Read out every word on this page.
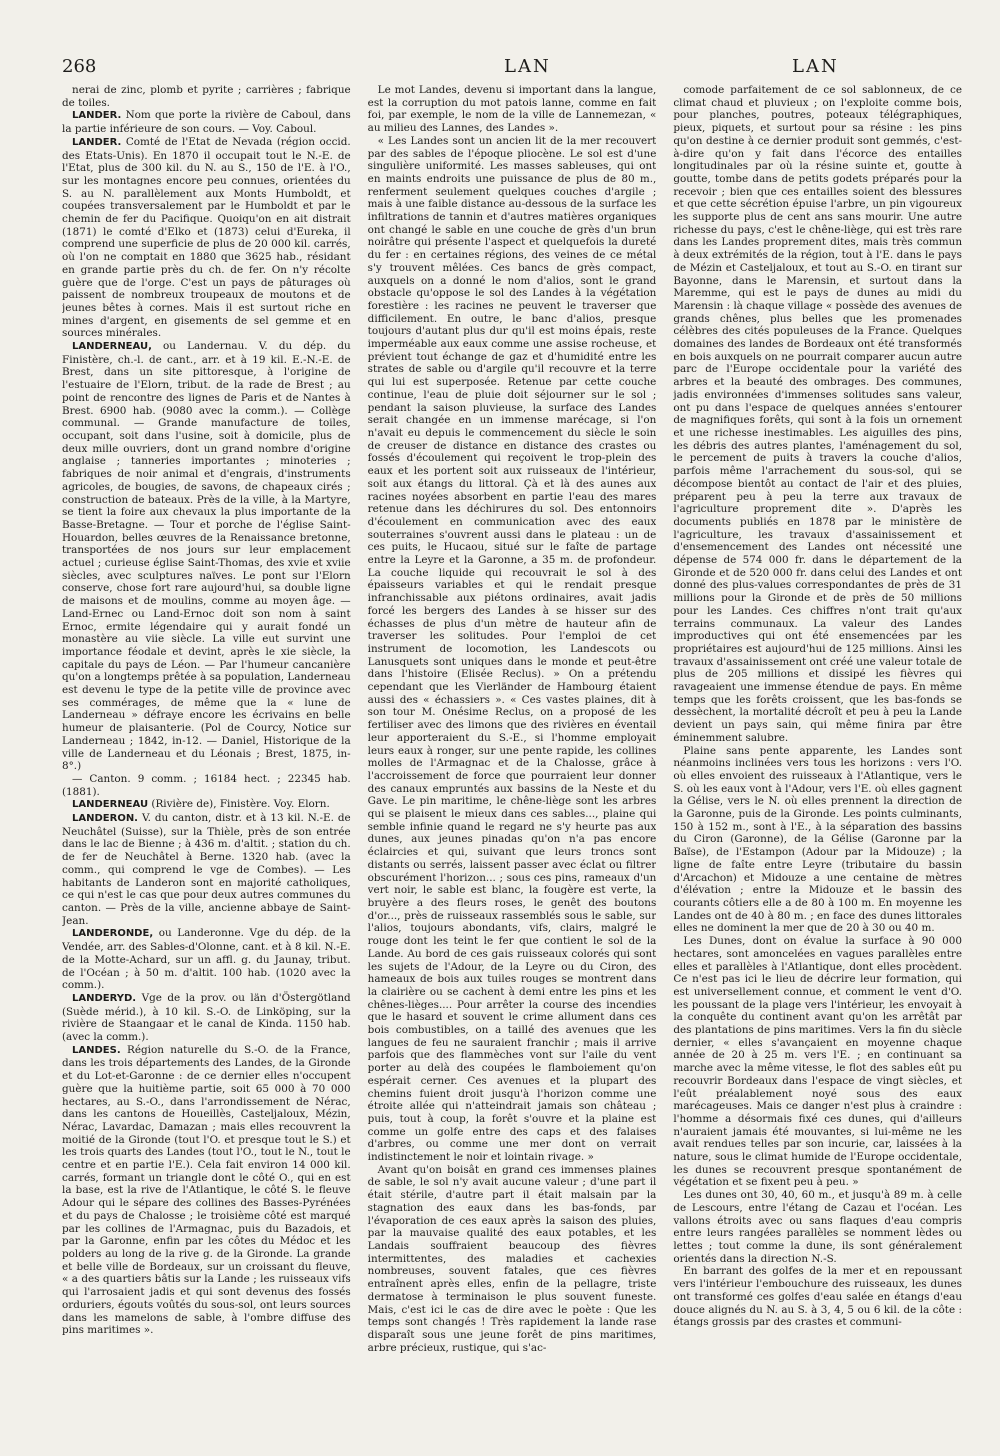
268	LAN	LAN

nerai de zinc, plomb et pyrite ; carrières ; fabrique de toiles.

LANDER. Nom que porte la rivière de Caboul, dans la partie inférieure de son cours. — Voy. Caboul.

LANDER. Comté de l'Etat de Nevada (région occid. des Etats-Unis). En 1870 il occupait tout le N.-E. de l'Etat, plus de 300 kil. du N. au S., 150 de l'E. à l'O., sur les montagnes encore peu connues, orientées du S. au N. parallèlement aux Monts Humboldt, et coupées transversalement par le Humboldt et par le chemin de fer du Pacifique. Quoiqu'on en ait distrait (1871) le comté d'Elko et (1873) celui d'Eureka, il comprend une superficie de plus de 20 000 kil. carrés, où l'on ne comptait en 1880 que 3625 hab., résidant en grande partie près du ch. de fer. On n'y récolte guère que de l'orge. C'est un pays de pâturages où paissent de nombreux troupeaux de moutons et de jeunes bêtes à cornes. Mais il est surtout riche en mines d'argent, en gisements de sel gemme et en sources minérales.

LANDERNEAU, ou Landernau. V. du dép. du Finistère, ch.-l. de cant., arr. et à 19 kil. E.-N.-E. de Brest, dans un site pittoresque, à l'origine de l'estuaire de l'Elorn, tribut. de la rade de Brest ; au point de rencontre des lignes de Paris et de Nantes à Brest. 6900 hab. (9080 avec la comm.). — Collège communal. — Grande manufacture de toiles, occupant, soit dans l'usine, soit à domicile, plus de deux mille ouvriers, dont un grand nombre d'origine anglaise ; tanneries importantes ; minoteries ; fabriques de noir animal et d'engrais, d'instruments agricoles, de bougies, de savons, de chapeaux cirés ; construction de bateaux. Près de la ville, à la Martyre, se tient la foire aux chevaux la plus importante de la Basse-Bretagne. — Tour et porche de l'église Saint-Houardon, belles œuvres de la Renaissance bretonne, transportées de nos jours sur leur emplacement actuel ; curieuse église Saint-Thomas, des xvie et xviie siècles, avec sculptures naïves. Le pont sur l'Elorn conserve, chose fort rare aujourd'hui, sa double ligne de maisons et de moulins, comme au moyen âge. — Land-Ernec ou Land-Ernoc doit son nom à saint Ernoc, ermite légendaire qui y aurait fondé un monastère au viie siècle. La ville eut survint une importance féodale et devint, après le xie siècle, la capitale du pays de Léon. — Par l'humeur cancanière qu'on a longtemps prêtée à sa population, Landerneau est devenu le type de la petite ville de province avec ses commérages, de même que la « lune de Landerneau » défraye encore les écrivains en belle humeur de plaisanterie. (Pol de Courcy, Notice sur Landerneau ; 1842, in-12. — Daniel, Historique de la ville de Landerneau et du Léonais ; Brest, 1875, in-8°.)

— Canton. 9 comm. ; 16184 hect. ; 22345 hab. (1881).

LANDERNEAU (Rivière de), Finistère. Voy. Elorn.

LANDERON. V. du canton, distr. et à 13 kil. N.-E. de Neuchâtel (Suisse), sur la Thièle, près de son entrée dans le lac de Bienne ; à 436 m. d'altit. ; station du ch. de fer de Neuchâtel à Berne. 1320 hab. (avec la comm., qui comprend le vge de Combes). — Les habitants de Landeron sont en majorité catholiques, ce qui n'est le cas que pour deux autres communes du canton. — Près de la ville, ancienne abbaye de Saint-Jean.

LANDERONDE, ou Landeronne. Vge du dép. de la Vendée, arr. des Sables-d'Olonne, cant. et à 8 kil. N.-E. de la Motte-Achard, sur un affl. g. du Jaunay, tribut. de l'Océan ; à 50 m. d'altit. 100 hab. (1020 avec la comm.).

LANDERYD. Vge de la prov. ou län d'Östergötland (Suède mérid.), à 10 kil. S.-O. de Linköping, sur la rivière de Staangaar et le canal de Kinda. 1150 hab. (avec la comm.).

LANDES. Région naturelle du S.-O. de la France, dans les trois départements des Landes, de la Gironde et du Lot-et-Garonne : de ce dernier elles n'occupent guère que la huitième partie, soit 65 000 à 70 000 hectares, au S.-O., dans l'arrondissement de Nérac, dans les cantons de Houeillès, Casteljaloux, Mézin, Nérac, Lavardac, Damazan ; mais elles recouvrent la moitié de la Gironde (tout l'O. et presque tout le S.) et les trois quarts des Landes (tout l'O., tout le N., tout le centre et en partie l'E.). Cela fait environ 14 000 kil. carrés, formant un triangle dont le côté O., qui en est la base, est la rive de l'Atlantique, le côté S. le fleuve Adour qui le sépare des collines des Basses-Pyrénées et du pays de Chalosse ; le troisième côté est marqué par les collines de l'Armagnac, puis du Bazadois, et par la Garonne, enfin par les côtes du Médoc et les polders au long de la rive g. de la Gironde. La grande et belle ville de Bordeaux, sur un croissant du fleuve, « a des quartiers bâtis sur la Lande ; les ruisseaux vifs qui l'arrosaient jadis et qui sont devenus des fossés orduriers, égouts voûtés du sous-sol, ont leurs sources dans les mamelons de sable, à l'ombre diffuse des pins maritimes ».

Le mot Landes, devenu si important dans la langue, est la corruption du mot patois lanne, comme en fait foi, par exemple, le nom de la ville de Lannemezan, « au milieu des Lannes, des Landes ».

« Les Landes sont un ancien lit de la mer recouvert par des sables de l'époque pliocène. Le sol est d'une singulière uniformité. Les masses sableuses, qui ont en maints endroits une puissance de plus de 80 m., renferment seulement quelques couches d'argile ; mais à une faible distance au-dessous de la surface les infiltrations de tannin et d'autres matières organiques ont changé le sable en une couche de grès d'un brun noirâtre qui présente l'aspect et quelquefois la dureté du fer : en certaines régions, des veines de ce métal s'y trouvent mêlées. Ces bancs de grès compact, auxquels on a donné le nom d'alios, sont le grand obstacle qu'oppose le sol des Landes à la végétation forestière : les racines ne peuvent le traverser que difficilement. En outre, le banc d'alios, presque toujours d'autant plus dur qu'il est moins épais, reste imperméable aux eaux comme une assise rocheuse, et prévient tout échange de gaz et d'humidité entre les strates de sable ou d'argile qu'il recouvre et la terre qui lui est superposée. Retenue par cette couche continue, l'eau de pluie doit séjourner sur le sol ; pendant la saison pluvieuse, la surface des Landes serait changée en un immense marécage, si l'on n'avait eu depuis le commencement du siècle le soin de creuser de distance en distance des crastes ou fossés d'écoulement qui reçoivent le trop-plein des eaux et les portent soit aux ruisseaux de l'intérieur, soit aux étangs du littoral. Çà et là des aunes aux racines noyées absorbent en partie l'eau des mares retenue dans les déchirures du sol. Des entonnoirs d'écoulement en communication avec des eaux souterraines s'ouvrent aussi dans le plateau : un de ces puits, le Hucaou, situé sur le faîte de partage entre la Leyre et la Garonne, a 35 m. de profondeur. La couche liquide qui recouvrait le sol à des épaisseurs variables et qui le rendait presque infranchissable aux piétons ordinaires, avait jadis forcé les bergers des Landes à se hisser sur des échasses de plus d'un mètre de hauteur afin de traverser les solitudes. Pour l'emploi de cet instrument de locomotion, les Landescots ou Lanusquets sont uniques dans le monde et peut-être dans l'histoire (Elisée Reclus). » On a prétendu cependant que les Vierländer de Hambourg étaient aussi des « échassiers ». « Ces vastes plaines, dit à son tour M. Onésime Reclus, on a proposé de les fertiliser avec des limons que des rivières en éventail leur apporteraient du S.-E., si l'homme employait leurs eaux à ronger, sur une pente rapide, les collines molles de l'Armagnac et de la Chalosse, grâce à l'accroissement de force que pourraient leur donner des canaux empruntés aux bassins de la Neste et du Gave. Le pin maritime, le chêne-liège sont les arbres qui se plaisent le mieux dans ces sables..., plaine qui semble infinie quand le regard ne s'y heurte pas aux dunes, aux jeunes pinadas qu'on n'a pas encore éclaircies et qui, suivant que leurs troncs sont distants ou serrés, laissent passer avec éclat ou filtrer obscurément l'horizon... ; sous ces pins, rameaux d'un vert noir, le sable est blanc, la fougère est verte, la bruyère a des fleurs roses, le genêt des boutons d'or..., près de ruisseaux rassemblés sous le sable, sur l'alios, toujours abondants, vifs, clairs, malgré le rouge dont les teint le fer que contient le sol de la Lande. Au bord de ces gais ruisseaux colorés qui sont les sujets de l'Adour, de la Leyre ou du Ciron, des hameaux de bois aux tuiles rouges se montrent dans la clairière ou se cachent à demi entre les pins et les chênes-lièges.... Pour arrêter la course des incendies que le hasard et souvent le crime allument dans ces bois combustibles, on a taillé des avenues que les langues de feu ne sauraient franchir ; mais il arrive parfois que des flammèches vont sur l'aile du vent porter au delà des coupées le flamboiement qu'on espérait cerner. Ces avenues et la plupart des chemins fuient droit jusqu'à l'horizon comme une étroite allée qui n'atteindrait jamais son château ; puis, tout à coup, la forêt s'ouvre et la plaine est comme un golfe entre des caps et des falaises d'arbres, ou comme une mer dont on verrait indistinctement le noir et lointain rivage. »

Avant qu'on boisât en grand ces immenses plaines de sable, le sol n'y avait aucune valeur ; d'une part il était stérile, d'autre part il était malsain par la stagnation des eaux dans les bas-fonds, par l'évaporation de ces eaux après la saison des pluies, par la mauvaise qualité des eaux potables, et les Landais souffraient beaucoup des fièvres intermittentes, des maladies et cachexies nombreuses, souvent fatales, que ces fièvres entraînent après elles, enfin de la pellagre, triste dermatose à terminaison le plus souvent funeste. Mais, c'est ici le cas de dire avec le poète : Que les temps sont changés ! Très rapidement la lande rase disparaît sous une jeune forêt de pins maritimes, arbre précieux, rustique, qui s'ac-

comode parfaitement de ce sol sablonneux, de ce climat chaud et pluvieux ; on l'exploite comme bois, pour planches, poutres, poteaux télégraphiques, pieux, piquets, et surtout pour sa résine : les pins qu'on destine à ce dernier produit sont gemmés, c'est-à-dire qu'on y fait dans l'écorce des entailles longitudinales par où la résine suinte et, goutte à goutte, tombe dans de petits godets préparés pour la recevoir ; bien que ces entailles soient des blessures et que cette sécrétion épuise l'arbre, un pin vigoureux les supporte plus de cent ans sans mourir. Une autre richesse du pays, c'est le chêne-liège, qui est très rare dans les Landes proprement dites, mais très commun à deux extrémités de la région, tout à l'E. dans le pays de Mézin et Casteljaloux, et tout au S.-O. en tirant sur Bayonne, dans le Marensin, et surtout dans la Maremme, qui est le pays de dunes au midi du Marensin : là chaque village « possède des avenues de grands chênes, plus belles que les promenades célèbres des cités populeuses de la France. Quelques domaines des landes de Bordeaux ont été transformés en bois auxquels on ne pourrait comparer aucun autre parc de l'Europe occidentale pour la variété des arbres et la beauté des ombrages. Des communes, jadis environnées d'immenses solitudes sans valeur, ont pu dans l'espace de quelques années s'entourer de magnifiques forêts, qui sont à la fois un ornement et une richesse inestimables. Les aiguilles des pins, les débris des autres plantes, l'aménagement du sol, le percement de puits à travers la couche d'alios, parfois même l'arrachement du sous-sol, qui se décompose bientôt au contact de l'air et des pluies, préparent peu à peu la terre aux travaux de l'agriculture proprement dite ». D'après les documents publiés en 1878 par le ministère de l'agriculture, les travaux d'assainissement et d'ensemencement des Landes ont nécessité une dépense de 574 000 fr. dans le département de la Gironde et de 520 000 fr. dans celui des Landes et ont donné des plus-values correspondantes de près de 31 millions pour la Gironde et de près de 50 millions pour les Landes. Ces chiffres n'ont trait qu'aux terrains communaux. La valeur des Landes improductives qui ont été ensemencées par les propriétaires est aujourd'hui de 125 millions. Ainsi les travaux d'assainissement ont créé une valeur totale de plus de 205 millions et dissipé les fièvres qui ravageaient une immense étendue de pays. En même temps que les forêts croissent, que les bas-fonds se dessèchent, la mortalité décroît et peu à peu la Lande devient un pays sain, qui même finira par être éminemment salubre.

Plaine sans pente apparente, les Landes sont néanmoins inclinées vers tous les horizons : vers l'O. où elles envoient des ruisseaux à l'Atlantique, vers le S. où les eaux vont à l'Adour, vers l'E. où elles gagnent la Gélise, vers le N. où elles prennent la direction de la Garonne, puis de la Gironde. Les points culminants, 150 à 152 m., sont à l'E., à la séparation des bassins du Ciron (Garonne), de la Gélise (Garonne par la Baïse), de l'Estampon (Adour par la Midouze) ; la ligne de faîte entre Leyre (tributaire du bassin d'Arcachon) et Midouze a une centaine de mètres d'élévation ; entre la Midouze et le bassin des courants côtiers elle a de 80 à 100 m. En moyenne les Landes ont de 40 à 80 m. ; en face des dunes littorales elles ne dominent la mer que de 20 à 30 ou 40 m.

Les Dunes, dont on évalue la surface à 90 000 hectares, sont amoncelées en vagues parallèles entre elles et parallèles à l'Atlantique, dont elles procèdent. Ce n'est pas ici le lieu de décrire leur formation, qui est universellement connue, et comment le vent d'O. les poussant de la plage vers l'intérieur, les envoyait à la conquête du continent avant qu'on les arrêtât par des plantations de pins maritimes. Vers la fin du siècle dernier, « elles s'avançaient en moyenne chaque année de 20 à 25 m. vers l'E. ; en continuant sa marche avec la même vitesse, le flot des sables eût pu recouvrir Bordeaux dans l'espace de vingt siècles, et l'eût préalablement noyé sous des eaux marécageuses. Mais ce danger n'est plus à craindre : l'homme a désormais fixé ces dunes, qui d'ailleurs n'auraient jamais été mouvantes, si lui-même ne les avait rendues telles par son incurie, car, laissées à la nature, sous le climat humide de l'Europe occidentale, les dunes se recouvrent presque spontanément de végétation et se fixent peu à peu. »

Les dunes ont 30, 40, 60 m., et jusqu'à 89 m. à celle de Lescours, entre l'étang de Cazau et l'océan. Les vallons étroits avec ou sans flaques d'eau compris entre leurs rangées parallèles se nomment lèdes ou lettes ; tout comme la dune, ils sont généralement orientés dans la direction N.-S.

En barrant des golfes de la mer et en repoussant vers l'intérieur l'embouchure des ruisseaux, les dunes ont transformé ces golfes d'eau salée en étangs d'eau douce alignés du N. au S. à 3, 4, 5 ou 6 kil. de la côte : étangs grossis par des crastes et communi-
